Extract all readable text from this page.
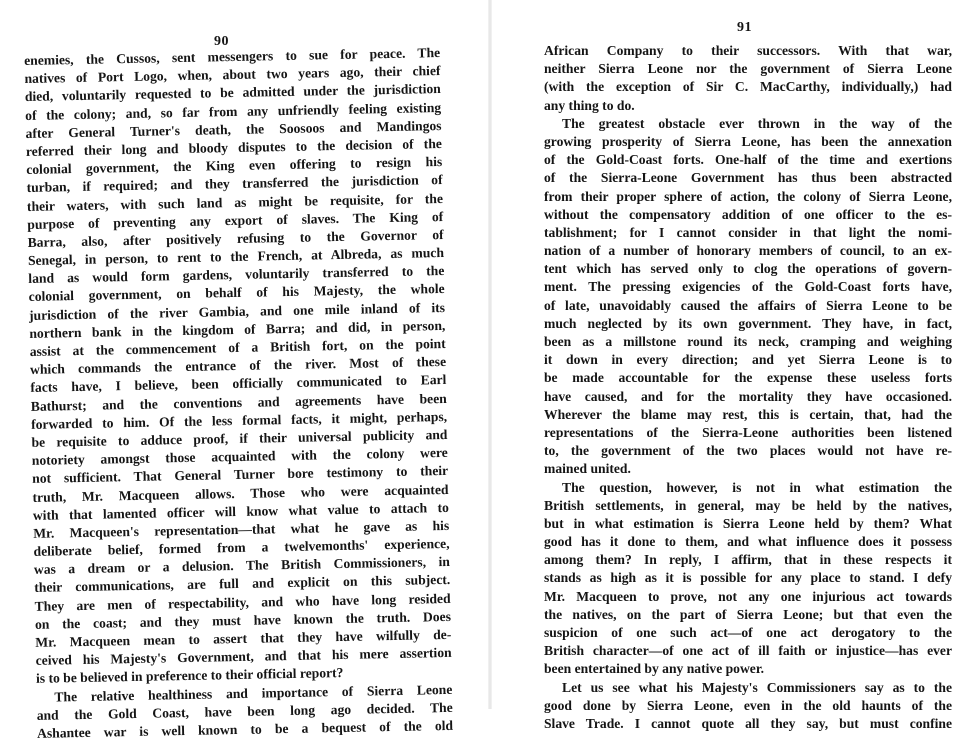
90
enemies, the Cussos, sent messengers to sue for peace. The
natives of Port Logo, when, about two years ago, their chief
died, voluntarily requested to be admitted under the jurisdiction
of the colony; and, so far from any unfriendly feeling existing
after General Turner's death, the Soosoos and Mandingos
referred their long and bloody disputes to the decision of the
colonial government, the King even offering to resign his
turban, if required; and they transferred the jurisdiction of
their waters, with such land as might be requisite, for the
purpose of preventing any export of slaves. The King of
Barra, also, after positively refusing to the Governor of
Senegal, in person, to rent to the French, at Albreda, as much
land as would form gardens, voluntarily transferred to the
colonial government, on behalf of his Majesty, the whole
jurisdiction of the river Gambia, and one mile inland of its
northern bank in the kingdom of Barra; and did, in person,
assist at the commencement of a British fort, on the point
which commands the entrance of the river. Most of these
facts have, I believe, been officially communicated to Earl
Bathurst; and the conventions and agreements have been
forwarded to him. Of the less formal facts, it might, perhaps,
be requisite to adduce proof, if their universal publicity and
notoriety amongst those acquainted with the colony were
not sufficient. That General Turner bore testimony to their
truth, Mr. Macqueen allows. Those who were acquainted
with that lamented officer will know what value to attach to
Mr. Macqueen's representation—that what he gave as his
deliberate belief, formed from a twelvemonths' experience,
was a dream or a delusion. The British Commissioners, in
their communications, are full and explicit on this subject.
They are men of respectability, and who have long resided
on the coast; and they must have known the truth. Does
Mr. Macqueen mean to assert that they have wilfully de-
ceived his Majesty's Government, and that his mere assertion
is to be believed in preference to their official report?
The relative healthiness and importance of Sierra Leone
and the Gold Coast, have been long ago decided. The
Ashantee war is well known to be a bequest of the old
91
African Company to their successors. With that war,
neither Sierra Leone nor the government of Sierra Leone
(with the exception of Sir C. MacCarthy, individually,) had
any thing to do.
The greatest obstacle ever thrown in the way of the
growing prosperity of Sierra Leone, has been the annexation
of the Gold-Coast forts. One-half of the time and exertions
of the Sierra-Leone Government has thus been abstracted
from their proper sphere of action, the colony of Sierra Leone,
without the compensatory addition of one officer to the es-
tablishment; for I cannot consider in that light the nomi-
nation of a number of honorary members of council, to an ex-
tent which has served only to clog the operations of govern-
ment. The pressing exigencies of the Gold-Coast forts have,
of late, unavoidably caused the affairs of Sierra Leone to be
much neglected by its own government. They have, in fact,
been as a millstone round its neck, cramping and weighing
it down in every direction; and yet Sierra Leone is to
be made accountable for the expense these useless forts
have caused, and for the mortality they have occasioned.
Wherever the blame may rest, this is certain, that, had the
representations of the Sierra-Leone authorities been listened
to, the government of the two places would not have re-
mained united.
The question, however, is not in what estimation the
British settlements, in general, may be held by the natives,
but in what estimation is Sierra Leone held by them? What
good has it done to them, and what influence does it possess
among them? In reply, I affirm, that in these respects it
stands as high as it is possible for any place to stand. I defy
Mr. Macqueen to prove, not any one injurious act towards
the natives, on the part of Sierra Leone; but that even the
suspicion of one such act—of one act derogatory to the
British character—of one act of ill faith or injustice—has ever
been entertained by any native power.
Let us see what his Majesty's Commissioners say as to the
good done by Sierra Leone, even in the old haunts of the
Slave Trade. I cannot quote all they say, but must confine
